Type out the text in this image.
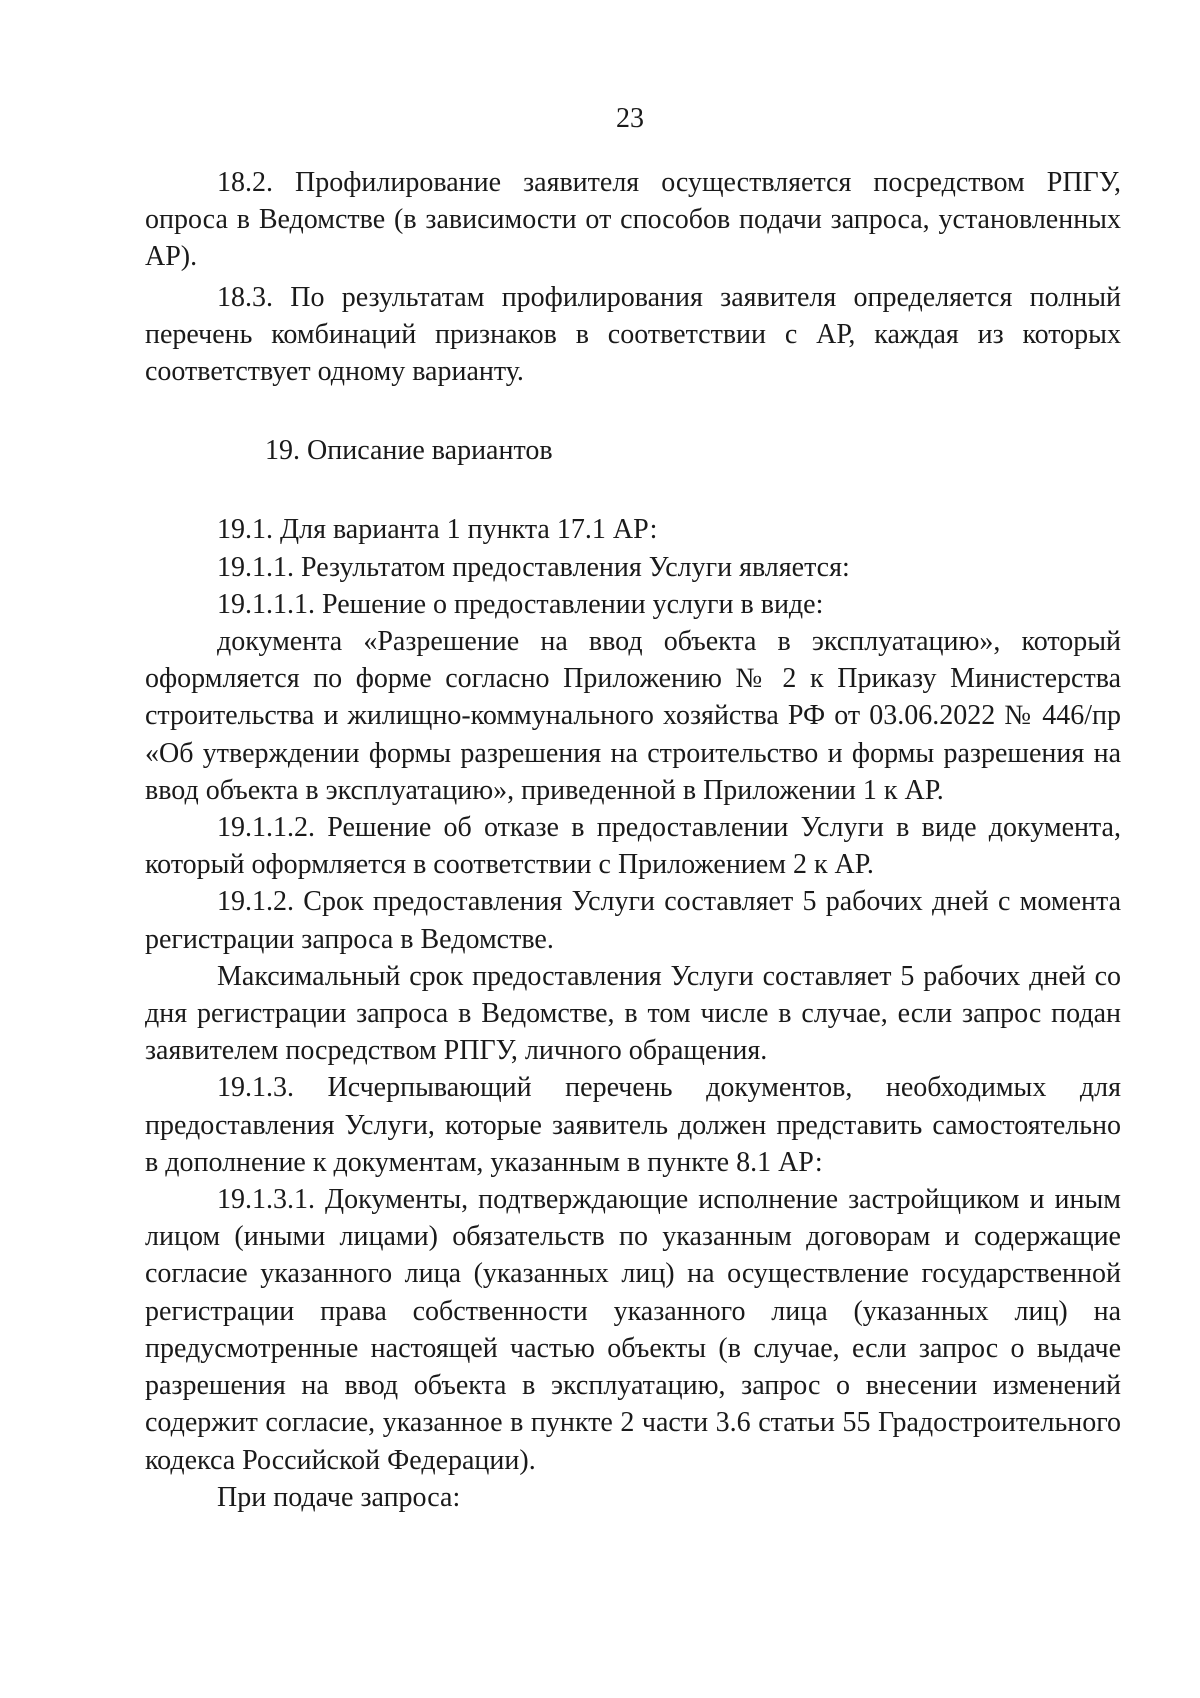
23

18.2. Профилирование заявителя осуществляется посредством РПГУ, опроса в Ведомстве (в зависимости от способов подачи запроса, установленных АР).

18.3. По результатам профилирования заявителя определяется полный перечень комбинаций признаков в соответствии с АР, каждая из которых соответствует одному варианту.

19. Описание вариантов

19.1. Для варианта 1 пункта 17.1 АР:

19.1.1. Результатом предоставления Услуги является:

19.1.1.1. Решение о предоставлении услуги в виде:

документа «Разрешение на ввод объекта в эксплуатацию», который оформляется по форме согласно Приложению № 2 к Приказу Министерства строительства и жилищно-коммунального хозяйства РФ от 03.06.2022 № 446/пр «Об утверждении формы разрешения на строительство и формы разрешения на ввод объекта в эксплуатацию», приведенной в Приложении 1 к АР.

19.1.1.2. Решение об отказе в предоставлении Услуги в виде документа, который оформляется в соответствии с Приложением 2 к АР.

19.1.2. Срок предоставления Услуги составляет 5 рабочих дней с момента регистрации запроса в Ведомстве.

Максимальный срок предоставления Услуги составляет 5 рабочих дней со дня регистрации запроса в Ведомстве, в том числе в случае, если запрос подан заявителем посредством РПГУ, личного обращения.

19.1.3. Исчерпывающий перечень документов, необходимых для предоставления Услуги, которые заявитель должен представить самостоятельно в дополнение к документам, указанным в пункте 8.1 АР:

19.1.3.1. Документы, подтверждающие исполнение застройщиком и иным лицом (иными лицами) обязательств по указанным договорам и содержащие согласие указанного лица (указанных лиц) на осуществление государственной регистрации права собственности указанного лица (указанных лиц) на предусмотренные настоящей частью объекты (в случае, если запрос о выдаче разрешения на ввод объекта в эксплуатацию, запрос о внесении изменений содержит согласие, указанное в пункте 2 части 3.6 статьи 55 Градостроительного кодекса Российской Федерации).

При подаче запроса:
